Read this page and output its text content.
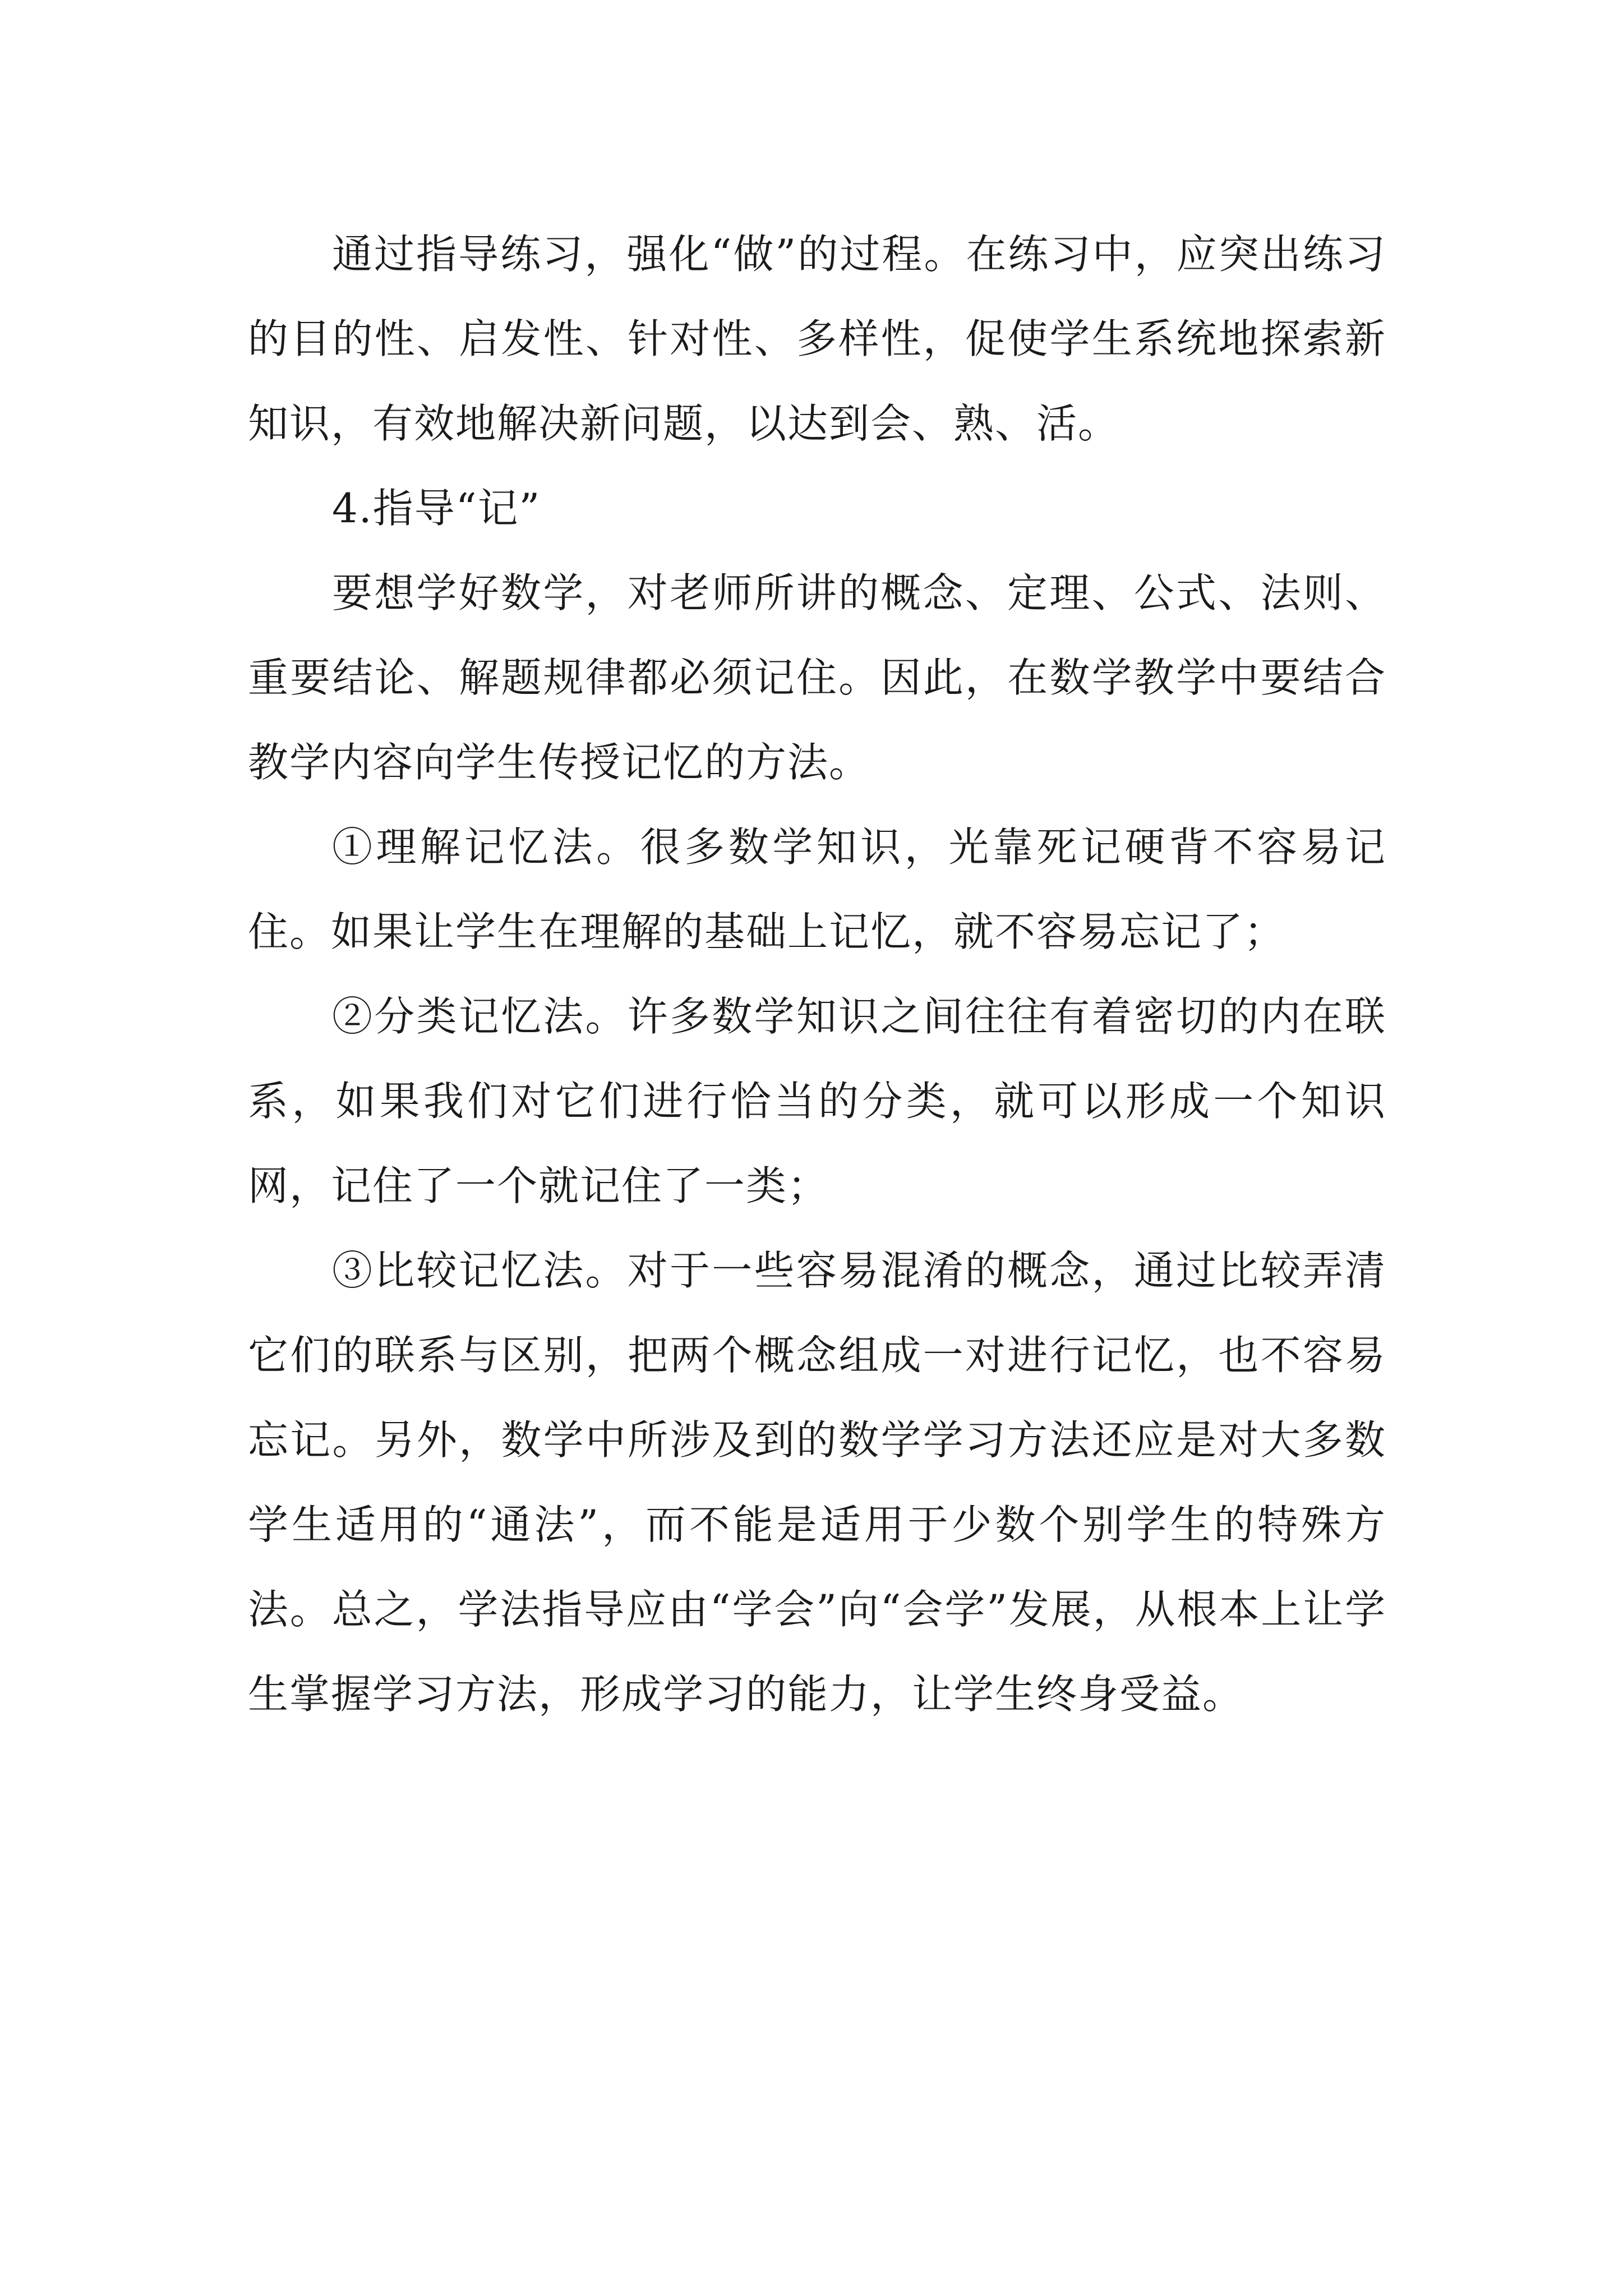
通过指导练习，强化“做”的过程。在练习中，应突出练习的目的性、启发性、针对性、多样性，促使学生系统地探索新知识，有效地解决新问题，以达到会、熟、活。

4.指导“记”

要想学好数学，对老师所讲的概念、定理、公式、法则、重要结论、解题规律都必须记住。因此，在数学教学中要结合教学内容向学生传授记忆的方法。

①理解记忆法。很多数学知识，光靠死记硬背不容易记住。如果让学生在理解的基础上记忆，就不容易忘记了；

②分类记忆法。许多数学知识之间往往有着密切的内在联系，如果我们对它们进行恰当的分类，就可以形成一个知识网，记住了一个就记住了一类；

③比较记忆法。对于一些容易混淆的概念，通过比较弄清它们的联系与区别，把两个概念组成一对进行记忆，也不容易忘记。另外，数学中所涉及到的数学学习方法还应是对大多数学生适用的“通法”，而不能是适用于少数个别学生的特殊方法。总之，学法指导应由“学会”向“会学”发展，从根本上让学生掌握学习方法，形成学习的能力，让学生终身受益。
